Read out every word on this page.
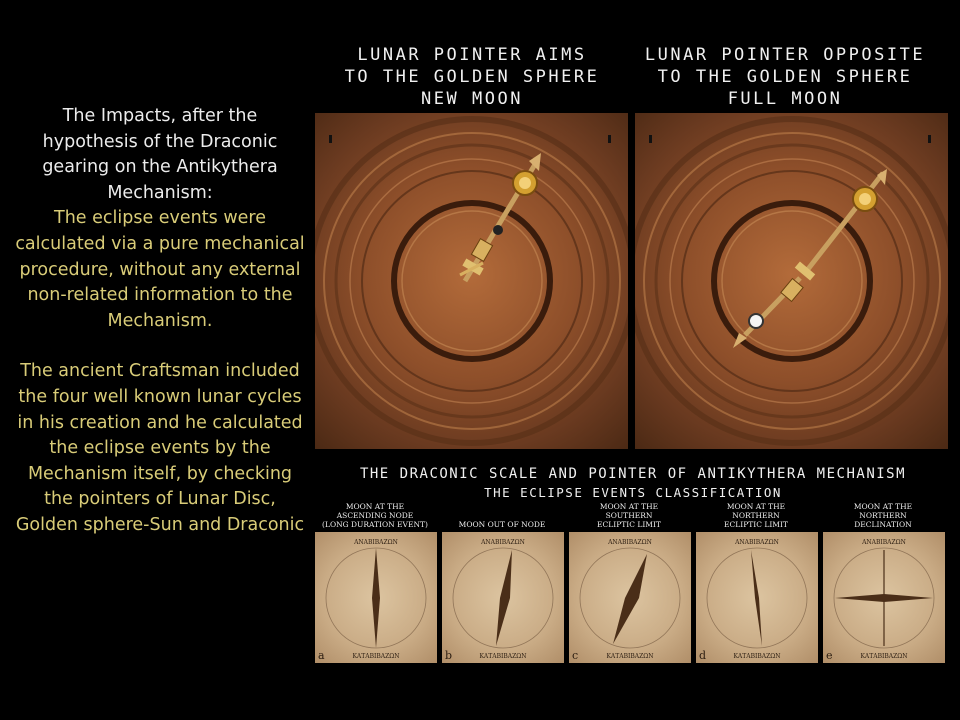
The Impacts, after the hypothesis of the Draconic gearing on the Antikythera Mechanism:

The eclipse events were calculated via a pure mechanical procedure, without any external non-related information to the Mechanism.

The ancient Craftsman included the four well known lunar cycles in his creation and he calculated the eclipse events by the Mechanism itself, by checking the pointers of Lunar Disc, Golden sphere-Sun and Draconic

LUNAR POINTER AIMS
TO THE GOLDEN SPHERE
NEW MOON
LUNAR POINTER OPPOSITE
TO THE GOLDEN SPHERE
FULL MOON
THE DRACONIC SCALE AND POINTER OF ANTIKYTHERA MECHANISM
THE ECLIPSE EVENTS CLASSIFICATION
MOON AT THE
ASCENDING NODE
(LONG DURATION EVENT)	MOON OUT OF NODE
MOON AT THE
SOUTHERN
ECLIPTIC LIMIT
MOON AT THE
NORTHERN
ECLIPTIC LIMIT
MOON AT THE
NORTHERN
DECLINATION
ΑΝΑΒΙΒΑΖΩΝ
ΚΑΤΑΒΙΒΑΖΩΝ
a
ΑΝΑΒΙΒΑΖΩΝ
ΚΑΤΑΒΙΒΑΖΩΝ
b
ΑΝΑΒΙΒΑΖΩΝ
ΚΑΤΑΒΙΒΑΖΩΝ
c
ΑΝΑΒΙΒΑΖΩΝ
ΚΑΤΑΒΙΒΑΖΩΝ
d
ΑΝΑΒΙΒΑΖΩΝ
ΚΑΤΑΒΙΒΑΖΩΝ
e
